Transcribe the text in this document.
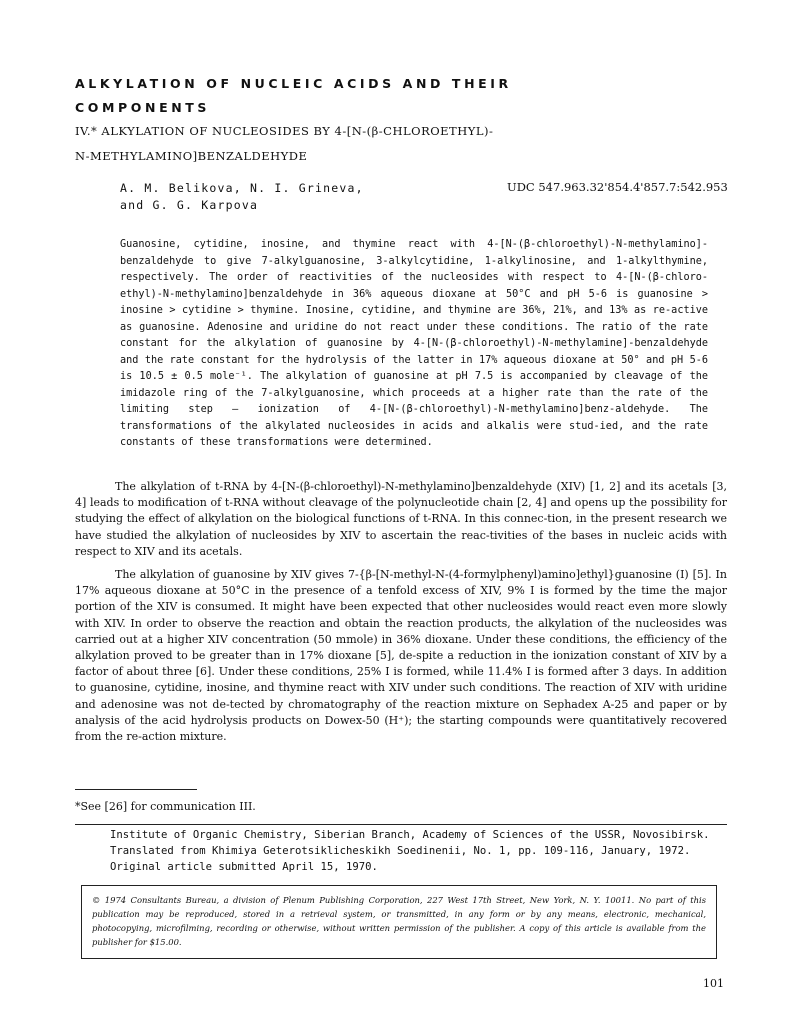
ALKYLATION OF NUCLEIC ACIDS AND THEIR
COMPONENTS
IV.* ALKYLATION OF NUCLEOSIDES BY 4-[N-(β-CHLOROETHYL)-
N-METHYLAMINO]BENZALDEHYDE
A. M. Belikova, N. I. Grineva,
and G. G. Karpova
UDC 547.963.32'854.4'857.7:542.953
Guanosine, cytidine, inosine, and thymine react with 4-[N-(β-chloroethyl)-N-methylamino]-benzaldehyde to give 7-alkylguanosine, 3-alkylcytidine, 1-alkylinosine, and 1-alkylthymine, respectively. The order of reactivities of the nucleosides with respect to 4-[N-(β-chloro-ethyl)-N-methylamino]benzaldehyde in 36% aqueous dioxane at 50°C and pH 5-6 is guanosine > inosine > cytidine > thymine. Inosine, cytidine, and thymine are 36%, 21%, and 13% as re-active as guanosine. Adenosine and uridine do not react under these conditions. The ratio of the rate constant for the alkylation of guanosine by 4-[N-(β-chloroethyl)-N-methylamine]-benzaldehyde and the rate constant for the hydrolysis of the latter in 17% aqueous dioxane at 50° and pH 5-6 is 10.5 ± 0.5 mole⁻¹. The alkylation of guanosine at pH 7.5 is accompanied by cleavage of the imidazole ring of the 7-alkylguanosine, which proceeds at a higher rate than the rate of the limiting step — ionization of 4-[N-(β-chloroethyl)-N-methylamino]benz-aldehyde. The transformations of the alkylated nucleosides in acids and alkalis were stud-ied, and the rate constants of these transformations were determined.
The alkylation of t-RNA by 4-[N-(β-chloroethyl)-N-methylamino]benzaldehyde (XIV) [1, 2] and its acetals [3, 4] leads to modification of t-RNA without cleavage of the polynucleotide chain [2, 4] and opens up the possibility for studying the effect of alkylation on the biological functions of t-RNA. In this connec-tion, in the present research we have studied the alkylation of nucleosides by XIV to ascertain the reac-tivities of the bases in nucleic acids with respect to XIV and its acetals.
The alkylation of guanosine by XIV gives 7-{β-[N-methyl-N-(4-formylphenyl)amino]ethyl}guanosine (I) [5]. In 17% aqueous dioxane at 50°C in the presence of a tenfold excess of XIV, 9% I is formed by the time the major portion of the XIV is consumed. It might have been expected that other nucleosides would react even more slowly with XIV. In order to observe the reaction and obtain the reaction products, the alkylation of the nucleosides was carried out at a higher XIV concentration (50 mmole) in 36% dioxane. Under these conditions, the efficiency of the alkylation proved to be greater than in 17% dioxane [5], de-spite a reduction in the ionization constant of XIV by a factor of about three [6]. Under these conditions, 25% I is formed, while 11.4% I is formed after 3 days. In addition to guanosine, cytidine, inosine, and thymine react with XIV under such conditions. The reaction of XIV with uridine and adenosine was not de-tected by chromatography of the reaction mixture on Sephadex A-25 and paper or by analysis of the acid hydrolysis products on Dowex-50 (H⁺); the starting compounds were quantitatively recovered from the re-action mixture.
*See [26] for communication III.
Institute of Organic Chemistry, Siberian Branch, Academy of Sciences of the USSR, Novosibirsk. Translated from Khimiya Geterotsiklicheskikh Soedinenii, No. 1, pp. 109-116, January, 1972. Original article submitted April 15, 1970.
© 1974 Consultants Bureau, a division of Plenum Publishing Corporation, 227 West 17th Street, New York, N. Y. 10011. No part of this publication may be reproduced, stored in a retrieval system, or transmitted, in any form or by any means, electronic, mechanical, photocopying, microfilming, recording or otherwise, without written permission of the publisher. A copy of this article is available from the publisher for $15.00.
101
